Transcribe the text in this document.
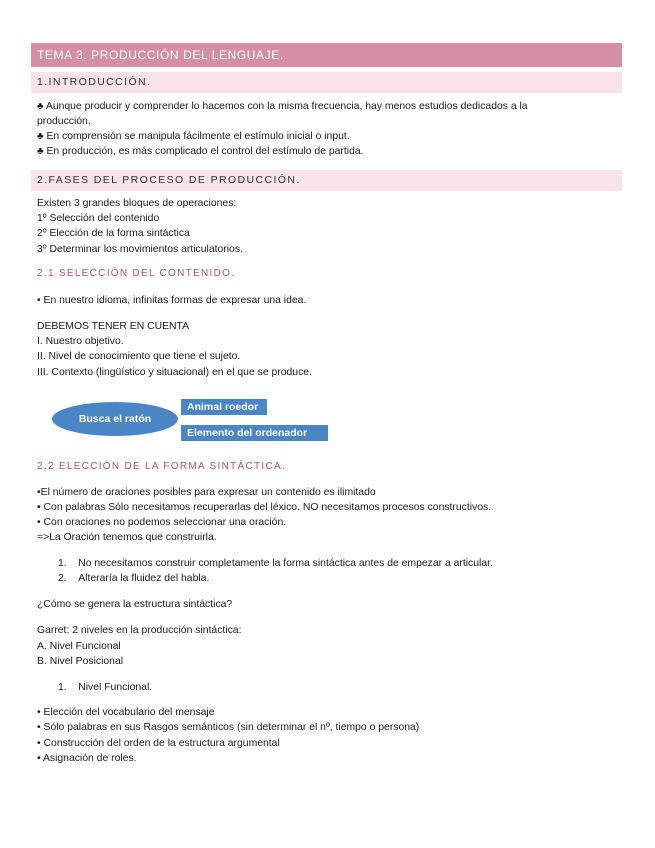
TEMA 3. PRODUCCIÓN DEL LENGUAJE.
1.INTRODUCCIÓN.
♣ Aunque producir y comprender lo hacemos con la misma frecuencia, hay menos estudios dedicados a la
producción.
♣ En comprensión se manipula fácilmente el estímulo inicial o input.
♣ En producción, es más complicado el control del estímulo de partida.
2.FASES DEL PROCESO DE PRODUCCIÓN.
Existen 3 grandes bloques de operaciones:
1º Selección del contenido
2º Elección de la forma sintáctica
3º Determinar los movimientos articulatorios.
2.1 SELECCIÓN DEL CONTENIDO.
• En nuestro idioma, infinitas formas de expresar una idea.
DEBEMOS TENER EN CUENTA
I. Nuestro objetivo.
II. Nivel de conocimiento que tiene el sujeto.
III. Contexto (lingüístico y situacional) en el que se produce.
Busca el ratón
Animal roedor
Elemento del ordenador
2.2 ELECCIÓN DE LA FORMA SINTÁCTICA.
•El número de oraciones posibles para expresar un contenido es ilimitado
• Con palabras Sólo necesitamos recuperarlas del léxico. NO necesitamos procesos constructivos.
• Con oraciones no podemos seleccionar una oración.
=>La Oración tenemos que construirla.
1.    No necesitamos construir completamente la forma sintáctica antes de empezar a articular.
2.    Alteraría la fluidez del habla.
¿Cómo se genera la estructura sintáctica?
Garret: 2 niveles en la producción sintáctica:
A. Nivel Funcional
B. Nivel Posicional
1.    Nivel Funcional.
• Elección del vocabulario del mensaje
• Sólo palabras en sus Rasgos semánticos (sin determinar el nº, tiempo o persona)
• Construcción del orden de la estructura argumental
• Asignación de roles.
